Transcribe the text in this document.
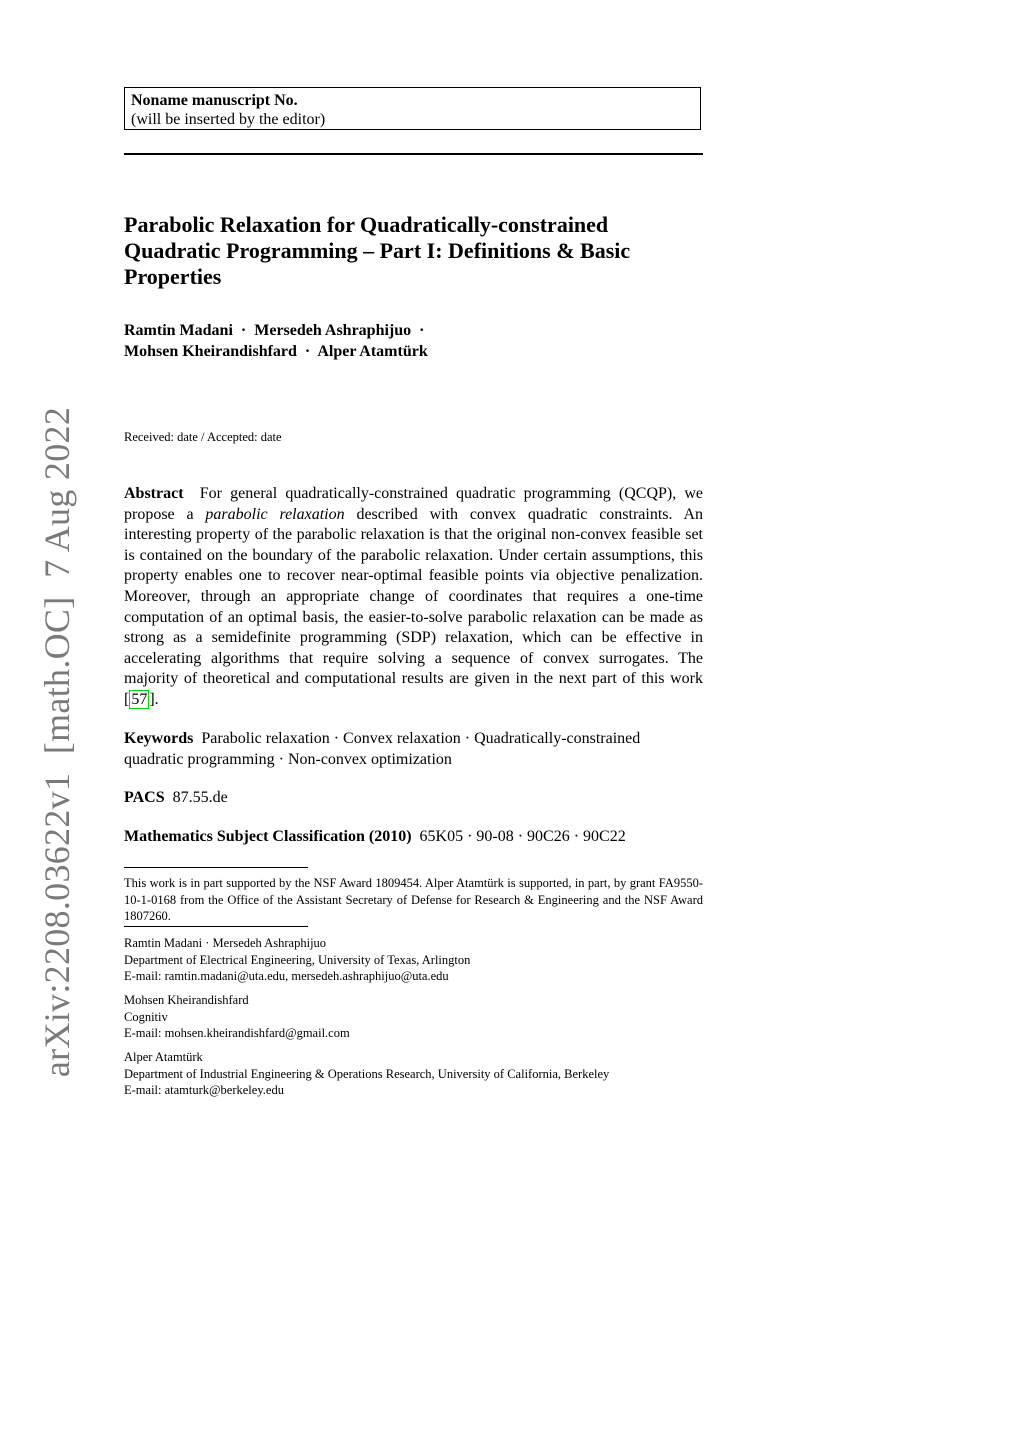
Noname manuscript No.
(will be inserted by the editor)
Parabolic Relaxation for Quadratically-constrained
Quadratic Programming – Part I: Definitions & Basic
Properties
Ramtin Madani  ·  Mersedeh Ashraphijuo  ·
Mohsen Kheirandishfard  ·  Alper Atamtürk
Received: date / Accepted: date
Abstract For general quadratically-constrained quadratic programming (QCQP), we propose a parabolic relaxation described with convex quadratic constraints. An interesting property of the parabolic relaxation is that the original non-convex feasible set is contained on the boundary of the parabolic relaxation. Under certain assumptions, this property enables one to recover near-optimal feasible points via objective penalization. Moreover, through an appropriate change of coordinates that requires a one-time computation of an optimal basis, the easier-to-solve parabolic relaxation can be made as strong as a semidefinite programming (SDP) relaxation, which can be effective in accelerating algorithms that require solving a sequence of convex surrogates. The majority of theoretical and computational results are given in the next part of this work [ 57 ].
Keywords Parabolic relaxation · Convex relaxation · Quadratically-constrained quadratic programming · Non-convex optimization
PACS 87.55.de
Mathematics Subject Classification (2010) 65K05 · 90-08 · 90C26 · 90C22
This work is in part supported by the NSF Award 1809454. Alper Atamtürk is supported, in part, by grant FA9550-10-1-0168 from the Office of the Assistant Secretary of Defense for Research & Engineering and the NSF Award 1807260.
Ramtin Madani · Mersedeh Ashraphijuo
Department of Electrical Engineering, University of Texas, Arlington
E-mail: ramtin.madani@uta.edu, mersedeh.ashraphijuo@uta.edu
Mohsen Kheirandishfard
Cognitiv
E-mail: mohsen.kheirandishfard@gmail.com
Alper Atamtürk
Department of Industrial Engineering & Operations Research, University of California, Berkeley
E-mail: atamturk@berkeley.edu
arXiv:2208.03622v1  [math.OC]  7 Aug 2022
